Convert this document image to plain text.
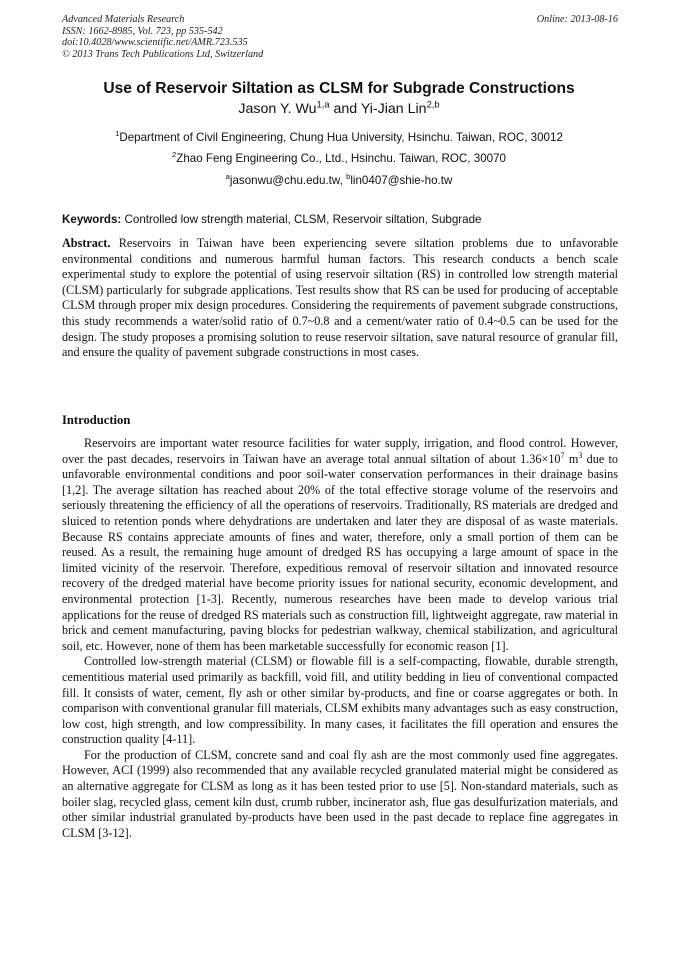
Advanced Materials Research
ISSN: 1662-8985, Vol. 723, pp 535-542
doi:10.4028/www.scientific.net/AMR.723.535
© 2013 Trans Tech Publications Ltd, Switzerland
Online: 2013-08-16
Use of Reservoir Siltation as CLSM for Subgrade Constructions
Jason Y. Wu$^{1,a}$ and Yi-Jian Lin$^{2,b}$
$^1$Department of Civil Engineering, Chung Hua University, Hsinchu. Taiwan, ROC, 30012
$^2$Zhao Feng Engineering Co., Ltd., Hsinchu. Taiwan, ROC, 30070
$^a$jasonwu@chu.edu.tw, $^b$lin0407@shie-ho.tw
Keywords: Controlled low strength material, CLSM, Reservoir siltation, Subgrade
Abstract. Reservoirs in Taiwan have been experiencing severe siltation problems due to unfavorable environmental conditions and numerous harmful human factors. This research conducts a bench scale experimental study to explore the potential of using reservoir siltation (RS) in controlled low strength material (CLSM) particularly for subgrade applications. Test results show that RS can be used for producing of acceptable CLSM through proper mix design procedures. Considering the requirements of pavement subgrade constructions, this study recommends a water/solid ratio of 0.7~0.8 and a cement/water ratio of 0.4~0.5 can be used for the design. The study proposes a promising solution to reuse reservoir siltation, save natural resource of granular fill, and ensure the quality of pavement subgrade constructions in most cases.
Introduction

Reservoirs are important water resource facilities for water supply, irrigation, and flood control. However, over the past decades, reservoirs in Taiwan have an average total annual siltation of about $1.36\times 10^7$ $m^3$ due to unfavorable environmental conditions and poor soil-water conservation performances in their drainage basins [1,2]. The average siltation has reached about 20% of the total effective storage volume of the reservoirs and seriously threatening the efficiency of all the operations of reservoirs. Traditionally, RS materials are dredged and sluiced to retention ponds where dehydrations are undertaken and later they are disposal of as waste materials. Because RS contains appreciate amounts of fines and water, therefore, only a small portion of them can be reused. As a result, the remaining huge amount of dredged RS has occupying a large amount of space in the limited vicinity of the reservoir. Therefore, expeditious removal of reservoir siltation and innovated resource recovery of the dredged material have become priority issues for national security, economic development, and environmental protection [1-3]. Recently, numerous researches have been made to develop various trial applications for the reuse of dredged RS materials such as construction fill, lightweight aggregate, raw material in brick and cement manufacturing, paving blocks for pedestrian walkway, chemical stabilization, and agricultural soil, etc. However, none of them has been marketable successfully for economic reason [1].

Controlled low-strength material (CLSM) or flowable fill is a self-compacting, flowable, durable strength, cementitious material used primarily as backfill, void fill, and utility bedding in lieu of conventional compacted fill. It consists of water, cement, fly ash or other similar by-products, and fine or coarse aggregates or both. In comparison with conventional granular fill materials, CLSM exhibits many advantages such as easy construction, low cost, high strength, and low compressibility. In many cases, it facilitates the fill operation and ensures the construction quality [4-11].

For the production of CLSM, concrete sand and coal fly ash are the most commonly used fine aggregates. However, ACI (1999) also recommended that any available recycled granulated material might be considered as an alternative aggregate for CLSM as long as it has been tested prior to use [5]. Non-standard materials, such as boiler slag, recycled glass, cement kiln dust, crumb rubber, incinerator ash, flue gas desulfurization materials, and other similar industrial granulated by-products have been used in the past decade to replace fine aggregates in CLSM [3-12].
